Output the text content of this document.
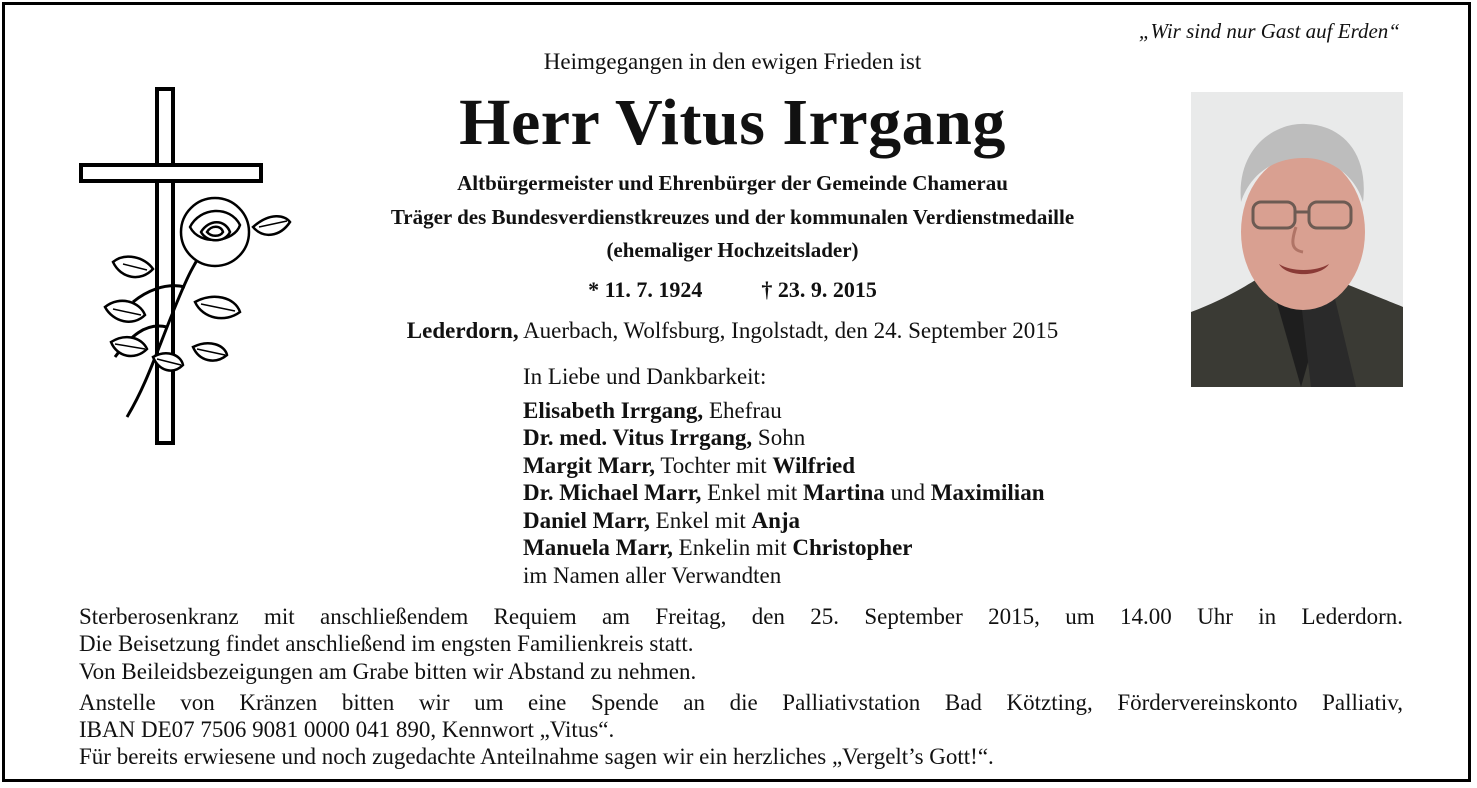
„Wir sind nur Gast auf Erden“
Heimgegangen in den ewigen Frieden ist
Herr Vitus Irrgang
Altbürgermeister und Ehrenbürger der Gemeinde Chamerau
Träger des Bundesverdienstkreuzes und der kommunalen Verdienstmedaille
(ehemaliger Hochzeitslader)
* 11. 7. 1924	† 23. 9. 2015
Lederdorn, Auerbach, Wolfsburg, Ingolstadt, den 24. September 2015
In Liebe und Dankbarkeit:
Elisabeth Irrgang, Ehefrau
Dr. med. Vitus Irrgang, Sohn
Margit Marr, Tochter mit Wilfried
Dr. Michael Marr, Enkel mit Martina und Maximilian
Daniel Marr, Enkel mit Anja
Manuela Marr, Enkelin mit Christopher
im Namen aller Verwandten
Sterberosenkranz mit anschließendem Requiem am Freitag, den 25. September 2015, um 14.00 Uhr in Lederdorn.
Die Beisetzung findet anschließend im engsten Familienkreis statt.
Von Beileidsbezeigungen am Grabe bitten wir Abstand zu nehmen.
Anstelle von Kränzen bitten wir um eine Spende an die Palliativstation Bad Kötzting, Fördervereinskonto Palliativ,
IBAN DE07 7506 9081 0000 041 890, Kennwort „Vitus“.
Für bereits erwiesene und noch zugedachte Anteilnahme sagen wir ein herzliches „Vergelt’s Gott!“.
